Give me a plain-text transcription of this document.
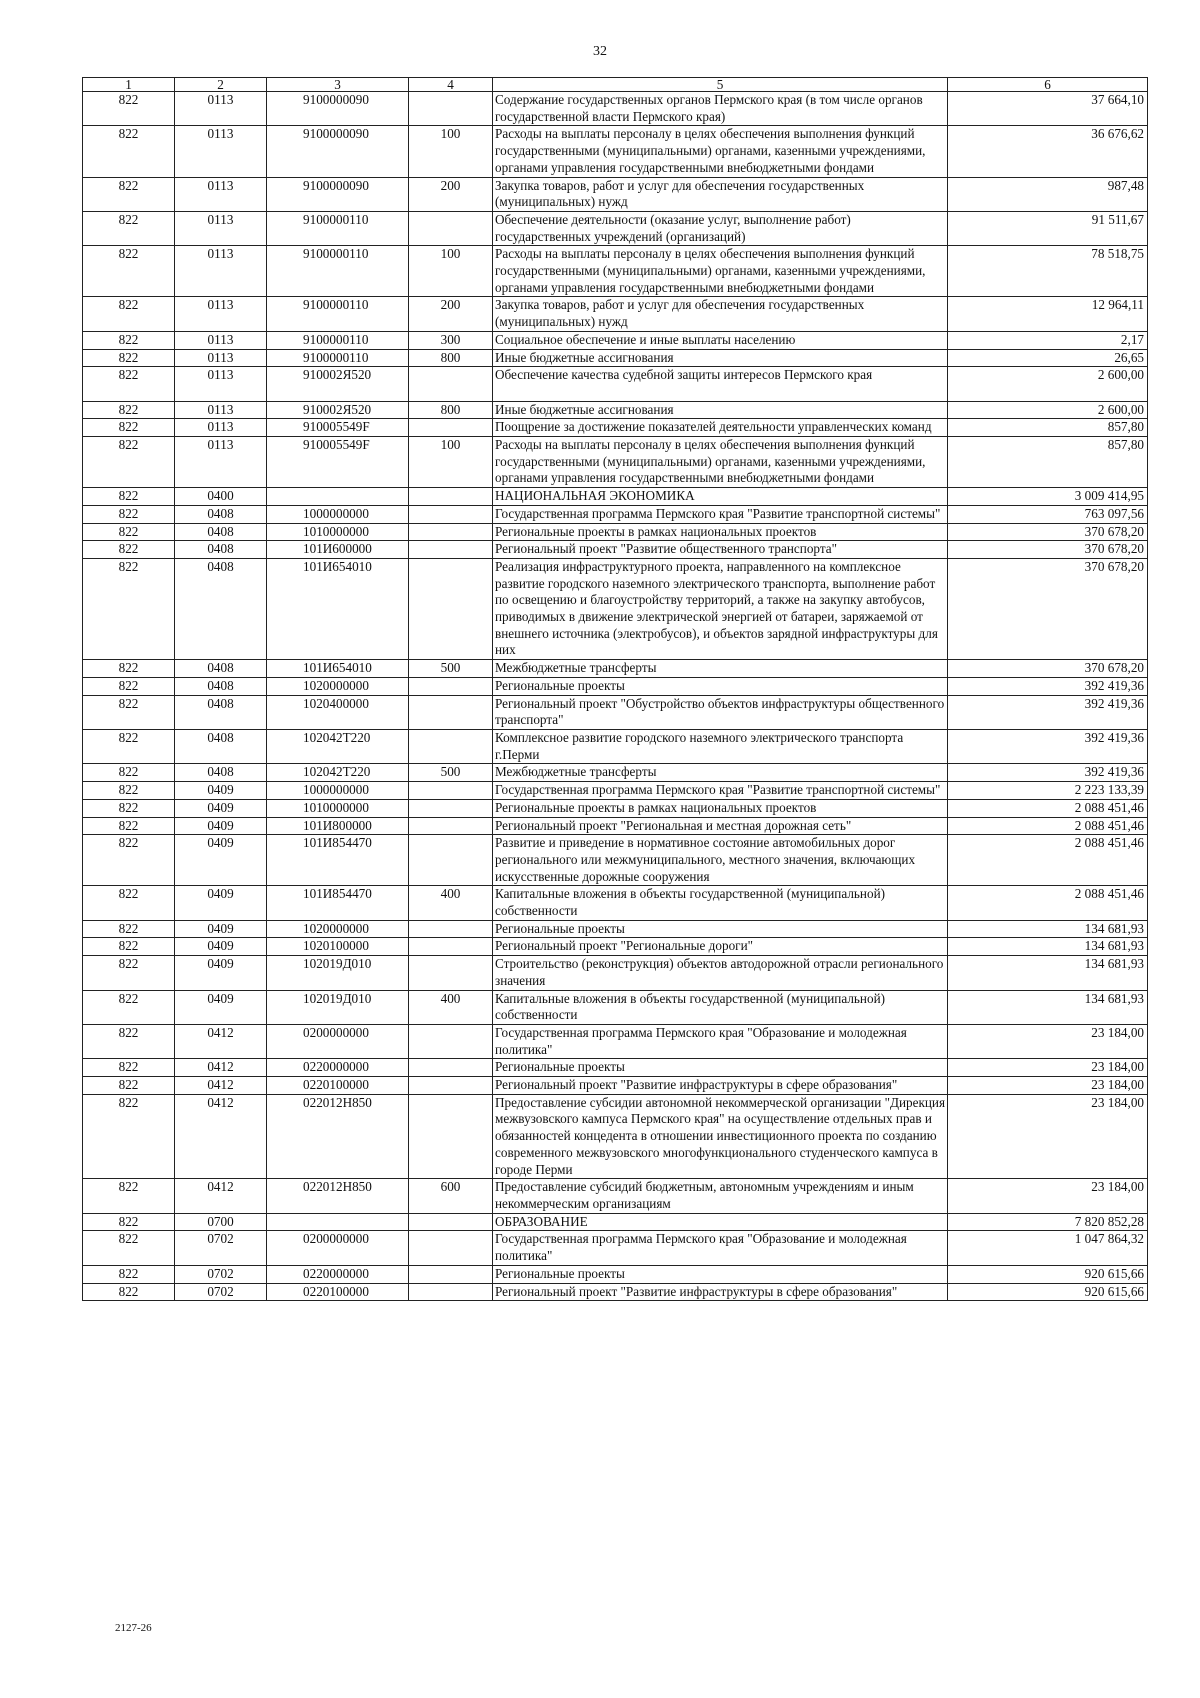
32
1	2	3	4	5	6
822	0113	9100000090		Содержание государственных органов Пермского края (в том числе органов государственной власти Пермского края)	37 664,10
822	0113	9100000090	100	Расходы на выплаты персоналу в целях обеспечения выполнения функций государственными (муниципальными) органами, казенными учреждениями, органами управления государственными внебюджетными фондами	36 676,62
822	0113	9100000090	200	Закупка товаров, работ и услуг для обеспечения государственных (муниципальных) нужд	987,48
822	0113	9100000110		Обеспечение деятельности (оказание услуг, выполнение работ) государственных учреждений (организаций)	91 511,67
822	0113	9100000110	100	Расходы на выплаты персоналу в целях обеспечения выполнения функций государственными (муниципальными) органами, казенными учреждениями, органами управления государственными внебюджетными фондами	78 518,75
822	0113	9100000110	200	Закупка товаров, работ и услуг для обеспечения государственных (муниципальных) нужд	12 964,11
822	0113	9100000110	300	Социальное обеспечение и иные выплаты населению	2,17
822	0113	9100000110	800	Иные бюджетные ассигнования	26,65
822	0113	910002Я520		Обеспечение качества судебной защиты интересов Пермского края	2 600,00
822	0113	910002Я520	800	Иные бюджетные ассигнования	2 600,00
822	0113	910005549F		Поощрение за достижение показателей деятельности управленческих команд	857,80
822	0113	910005549F	100	Расходы на выплаты персоналу в целях обеспечения выполнения функций государственными (муниципальными) органами, казенными учреждениями, органами управления государственными внебюджетными фондами	857,80
822	0400			НАЦИОНАЛЬНАЯ ЭКОНОМИКА	3 009 414,95
822	0408	1000000000		Государственная программа Пермского края "Развитие транспортной системы"	763 097,56
822	0408	1010000000		Региональные проекты в рамках национальных проектов	370 678,20
822	0408	101И600000		Региональный проект "Развитие общественного транспорта"	370 678,20
822	0408	101И654010		Реализация инфраструктурного проекта, направленного на комплексное развитие городского наземного электрического транспорта, выполнение работ по освещению и благоустройству территорий, а также на закупку автобусов, приводимых в движение электрической энергией от батареи, заряжаемой от внешнего источника (электробусов), и объектов зарядной инфраструктуры для них	370 678,20
822	0408	101И654010	500	Межбюджетные трансферты	370 678,20
822	0408	1020000000		Региональные проекты	392 419,36
822	0408	1020400000		Региональный проект "Обустройство объектов инфраструктуры общественного транспорта"	392 419,36
822	0408	102042Т220		Комплексное развитие городского наземного электрического транспорта г.Перми	392 419,36
822	0408	102042Т220	500	Межбюджетные трансферты	392 419,36
822	0409	1000000000		Государственная программа Пермского края "Развитие транспортной системы"	2 223 133,39
822	0409	1010000000		Региональные проекты в рамках национальных проектов	2 088 451,46
822	0409	101И800000		Региональный проект "Региональная и местная дорожная сеть"	2 088 451,46
822	0409	101И854470		Развитие и приведение в нормативное состояние автомобильных дорог регионального или межмуниципального, местного значения, включающих искусственные дорожные сооружения	2 088 451,46
822	0409	101И854470	400	Капитальные вложения в объекты государственной (муниципальной) собственности	2 088 451,46
822	0409	1020000000		Региональные проекты	134 681,93
822	0409	1020100000		Региональный проект "Региональные дороги"	134 681,93
822	0409	102019Д010		Строительство (реконструкция) объектов автодорожной отрасли регионального значения	134 681,93
822	0409	102019Д010	400	Капитальные вложения в объекты государственной (муниципальной) собственности	134 681,93
822	0412	0200000000		Государственная программа Пермского края "Образование и молодежная политика"	23 184,00
822	0412	0220000000		Региональные проекты	23 184,00
822	0412	0220100000		Региональный проект "Развитие инфраструктуры в сфере образования"	23 184,00
822	0412	022012Н850		Предоставление субсидии автономной некоммерческой организации "Дирекция межвузовского кампуса Пермского края" на осуществление отдельных прав и обязанностей концедента в отношении инвестиционного проекта по созданию современного межвузовского многофункционального студенческого кампуса в городе Перми	23 184,00
822	0412	022012Н850	600	Предоставление субсидий бюджетным, автономным учреждениям и иным некоммерческим организациям	23 184,00
822	0700			ОБРАЗОВАНИЕ	7 820 852,28
822	0702	0200000000		Государственная программа Пермского края "Образование и молодежная политика"	1 047 864,32
822	0702	0220000000		Региональные проекты	920 615,66
822	0702	0220100000		Региональный проект "Развитие инфраструктуры в сфере образования"	920 615,66
2127-26
